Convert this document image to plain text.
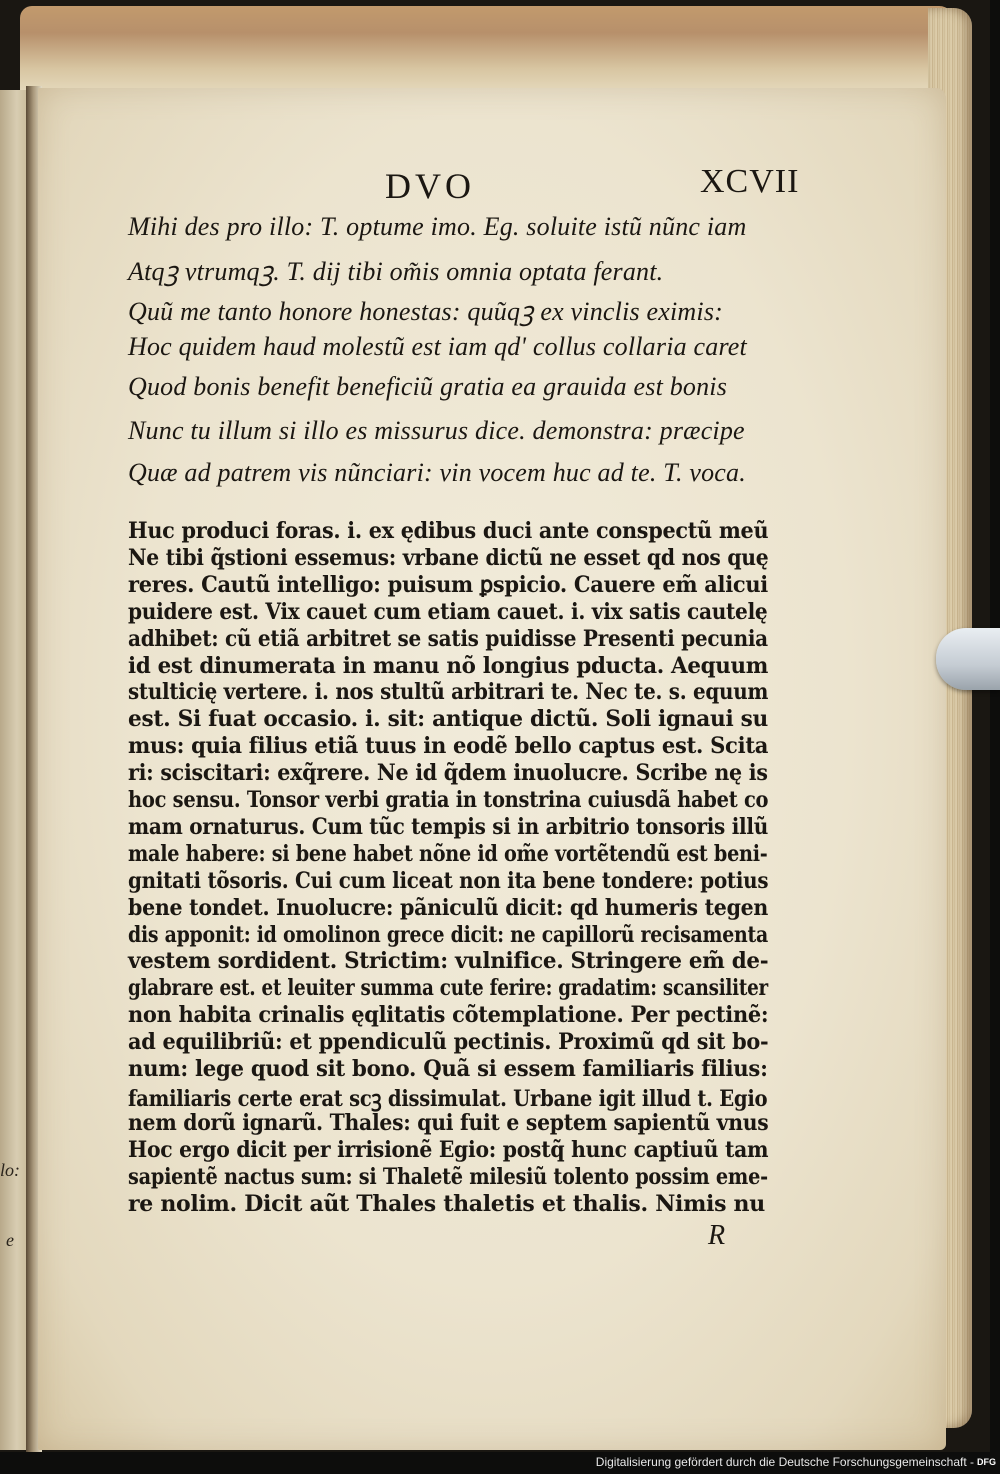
lo:
e
DVO	XCVII
Mihi des pro illo: T. optume imo. Eg. soluite istũ nũnc iam
Atqꝫ vtrumqꝫ. T. dij tibi om̃is omnia optata ferant.
Quũ me tanto honore honestas: quũqꝫ ex vinclis eximis:
Hoc quidem haud molestũ est iam qd' collus collaria caret
Quod bonis benefit beneficiũ gratia ea grauida est bonis
Nunc tu illum si illo es missurus dice. demonstra: præcipe
Quæ ad patrem vis nũnciari: vin vocem huc ad te. T. voca.
Huc produci foras. i. ex ędibus duci ante conspectũ meũ
Ne tibi q̃stioni essemus: vrbane dictũ ne esset qd nos quę
reres. Cautũ intelligo: puisum ꝑspicio. Cauere em̃ alicui
puidere est. Vix cauet cum etiam cauet. i. vix satis cautelę
adhibet: cũ etiã arbitret se satis puidisse Presenti pecunia
id est dinumerata in manu nõ longius pducta. Aequum
stulticię vertere. i. nos stultũ arbitrari te. Nec te. s. equum
est. Si fuat occasio. i. sit: antique dictũ. Soli ignaui su
mus: quia filius etiã tuus in eodẽ bello captus est. Scita
ri: sciscitari: exq̃rere. Ne id q̃dem inuolucre. Scribe nę is
hoc sensu. Tonsor verbi gratia in tonstrina cuiusdã habet co
mam ornaturus. Cum tũc tempis si in arbitrio tonsoris illũ
male habere: si bene habet nõne id om̃e vortẽtendũ est beni-
gnitati tõsoris. Cui cum liceat non ita bene tondere: potius
bene tondet. Inuolucre: pãniculũ dicit: qd humeris tegen
dis apponit: id omolinon grece dicit: ne capillorũ recisamenta
vestem sordident. Strictim: vulnifice. Stringere em̃ de-
glabrare est. et leuiter summa cute ferire: gradatim: scansiliter
non habita crinalis ęqlitatis cõtemplatione. Per pectinẽ:
ad equilibriũ: et ppendiculũ pectinis. Proximũ qd sit bo-
num: lege quod sit bono. Quã si essem familiaris filius:
familiaris certe erat scꝫ dissimulat. Urbane igit illud t. Egio
nem dorũ ignarũ. Thales: qui fuit e septem sapientũ vnus
Hoc ergo dicit per irrisionẽ Egio: postq̃ hunc captiuũ tam
sapientẽ nactus sum: si Thaletẽ milesiũ tolento possim eme-
re nolim. Dicit aũt Thales thaletis et thalis. Nimis nu
R
Digitalisierung gefördert durch die Deutsche Forschungsgemeinschaft - DFG
